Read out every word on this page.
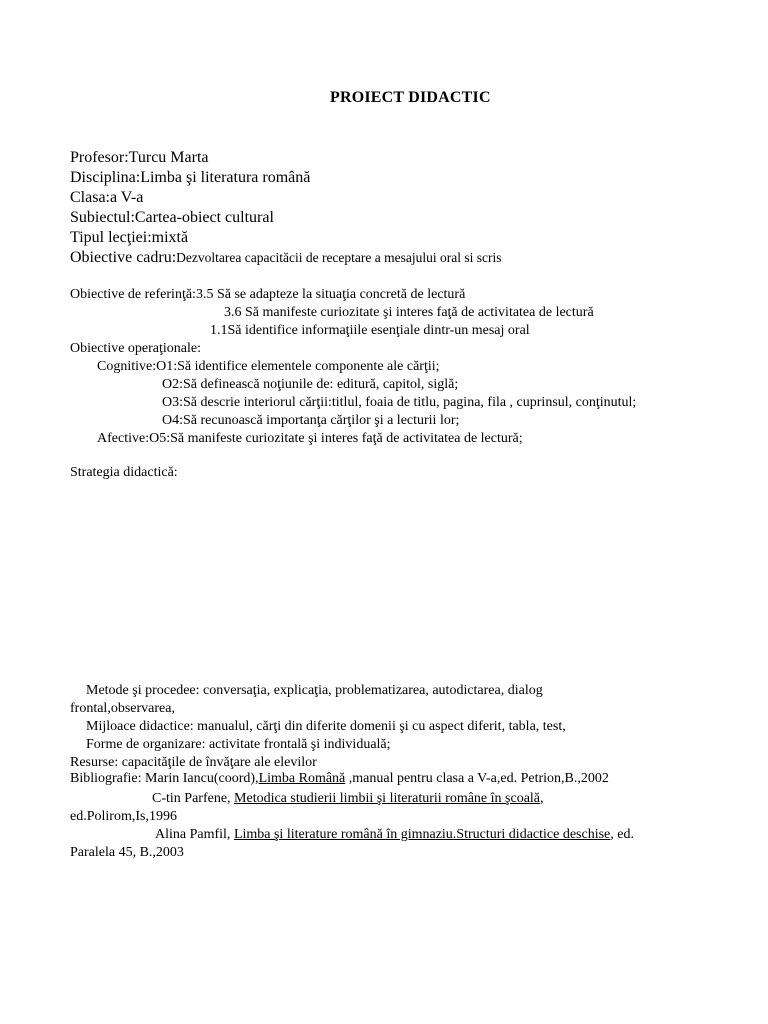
PROIECT DIDACTIC
Profesor:Turcu Marta
Disciplina:Limba şi literatura română
Clasa:a V-a
Subiectul:Cartea-obiect cultural
Tipul lecţiei:mixtă
Obiective cadru:Dezvoltarea capacităcii de receptare a mesajului oral si scris
Obiective de referinţă:3.5 Să se adapteze la situaţia concretă de lectură
3.6 Să manifeste curiozitate şi interes faţă de activitatea de lectură
1.1Să identifice informaţiile esenţiale dintr-un mesaj oral
Obiective operaţionale:
Cognitive:O1:Să identifice elementele componente ale cărţii;
O2:Să definească noţiunile de: editură, capitol, siglă;
O3:Să descrie interiorul cărţii:titlul, foaia de titlu, pagina, fila , cuprinsul, conţinutul;
O4:Să recunoască importanţa cărţilor şi a lecturii lor;
Afective:O5:Să manifeste curiozitate şi interes faţă de activitatea de lectură;
Strategia didactică:
Metode şi procedee: conversaţia, explicaţia, problematizarea, autodictarea, dialog
frontal,observarea,
Mijloace didactice: manualul, cărţi din diferite domenii şi cu aspect diferit, tabla, test,
Forme de organizare: activitate frontală şi individuală;
Resurse: capacităţile de învăţare ale elevilor
Bibliografie: Marin Iancu(coord),Limba Română ,manual pentru clasa a V-a,ed. Petrion,B.,2002
C-tin Parfene, Metodica studierii limbii şi literaturii române în şcoală,
ed.Polirom,Is,1996
Alina Pamfil, Limba şi literature română în gimnaziu.Structuri didactice deschise, ed.
Paralela 45, B.,2003
